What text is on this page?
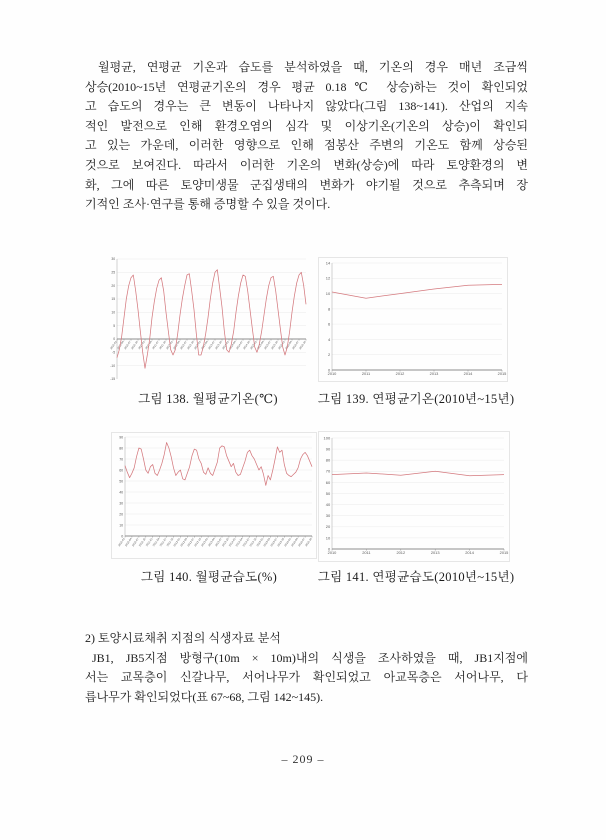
월평균, 연평균 기온과 습도를 분석하였을 때, 기온의 경우 매년 조금씩
상승(2010~15년 연평균기온의 경우 평균 0.18℃ 상승)하는 것이 확인되었
고 습도의 경우는 큰 변동이 나타나지 않았다(그림 138~141). 산업의 지속
적인 발전으로 인해 환경오염의 심각 및 이상기온(기온의 상승)이 확인되
고 있는 가운데, 이러한 영향으로 인해 점봉산 주변의 기온도 함께 상승된
것으로 보여진다. 따라서 이러한 기온의 변화(상승)에 따라 토양환경의 변
화, 그에 따른 토양미생물 군집생태의 변화가 야기될 것으로 추측되며 장
기적인 조사·연구를 통해 증명할 수 있을 것이다.
-15
-10
-5
0
5
10
15
20
25
30
2010-01
2010-04
2010-07
2010-10
2011-01
2011-04
2011-07
2011-10
2012-01
2012-04
2012-07
2012-10
2013-01
2013-04
2013-07
2013-10
2014-01
2014-04
2014-07
2014-10
2015-01
2015-04
2015-07
2015-10
2016-01
2016-04
2016-07
2016-10
0
2
4
6
8
10
12
14
2010	2011	2012	2013	2014	2015
그림 138. 월평균기온(℃)	그림 139. 연평균기온(2010년~15년)
0
10
20
30
40
50
60
70
80
90
2010-01
2010-04
2010-07
2010-10
2011-01
2011-04
2011-07
2011-10
2012-01
2012-04
2012-07
2012-10
2013-01
2013-04
2013-07
2013-10
2014-01
2014-04
2014-07
2014-10
2015-01
2015-04
2015-07
2015-10
2016-01
2016-04
2016-07
2016-10
0
10
20
30
40
50
60
70
80
90
100
2010	2011	2012	2013	2014	2015
그림 140. 월평균습도(%)	그림 141. 연평균습도(2010년~15년)
2) 토양시료채취 지점의 식생자료 분석
JB1, JB5지점 방형구(10m × 10m)내의 식생을 조사하였을 때, JB1지점에
서는 교목층이 신갈나무, 서어나무가 확인되었고 아교목층은 서어나무, 다
릅나무가 확인되었다(표 67~68, 그림 142~145).
– 209 –
